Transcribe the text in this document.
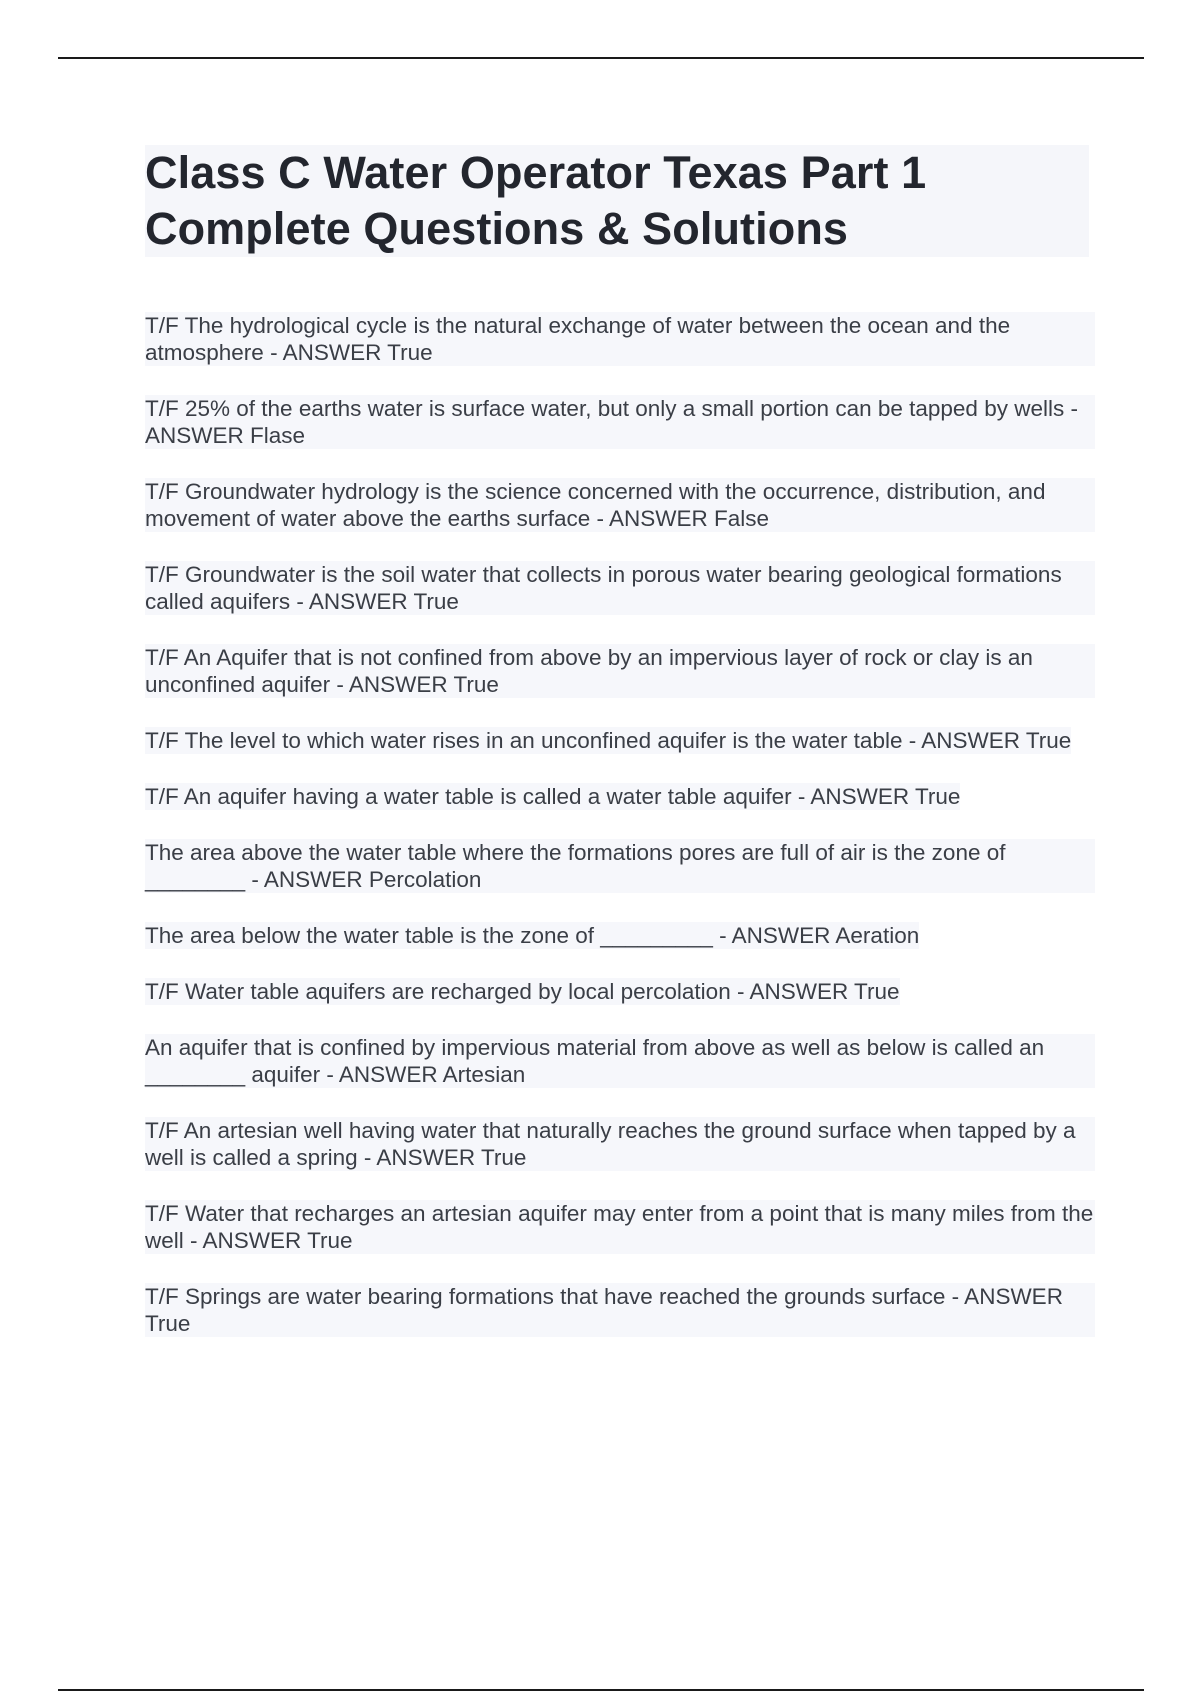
Class C Water Operator Texas Part 1
Complete Questions & Solutions

T/F The hydrological cycle is the natural exchange of water between the ocean and the atmosphere - ANSWER True

T/F 25% of the earths water is surface water, but only a small portion can be tapped by wells - ANSWER Flase

T/F Groundwater hydrology is the science concerned with the occurrence, distribution, and movement of water above the earths surface - ANSWER False

T/F Groundwater is the soil water that collects in porous water bearing geological formations called aquifers - ANSWER True

T/F An Aquifer that is not confined from above by an impervious layer of rock or clay is an unconfined aquifer - ANSWER True

T/F The level to which water rises in an unconfined aquifer is the water table - ANSWER True

T/F An aquifer having a water table is called a water table aquifer - ANSWER True

The area above the water table where the formations pores are full of air is the zone of ________ - ANSWER Percolation

The area below the water table is the zone of _________ - ANSWER Aeration

T/F Water table aquifers are recharged by local percolation - ANSWER True

An aquifer that is confined by impervious material from above as well as below is called an ________ aquifer - ANSWER Artesian

T/F An artesian well having water that naturally reaches the ground surface when tapped by a well is called a spring - ANSWER True

T/F Water that recharges an artesian aquifer may enter from a point that is many miles from the well - ANSWER True

T/F Springs are water bearing formations that have reached the grounds surface - ANSWER True
